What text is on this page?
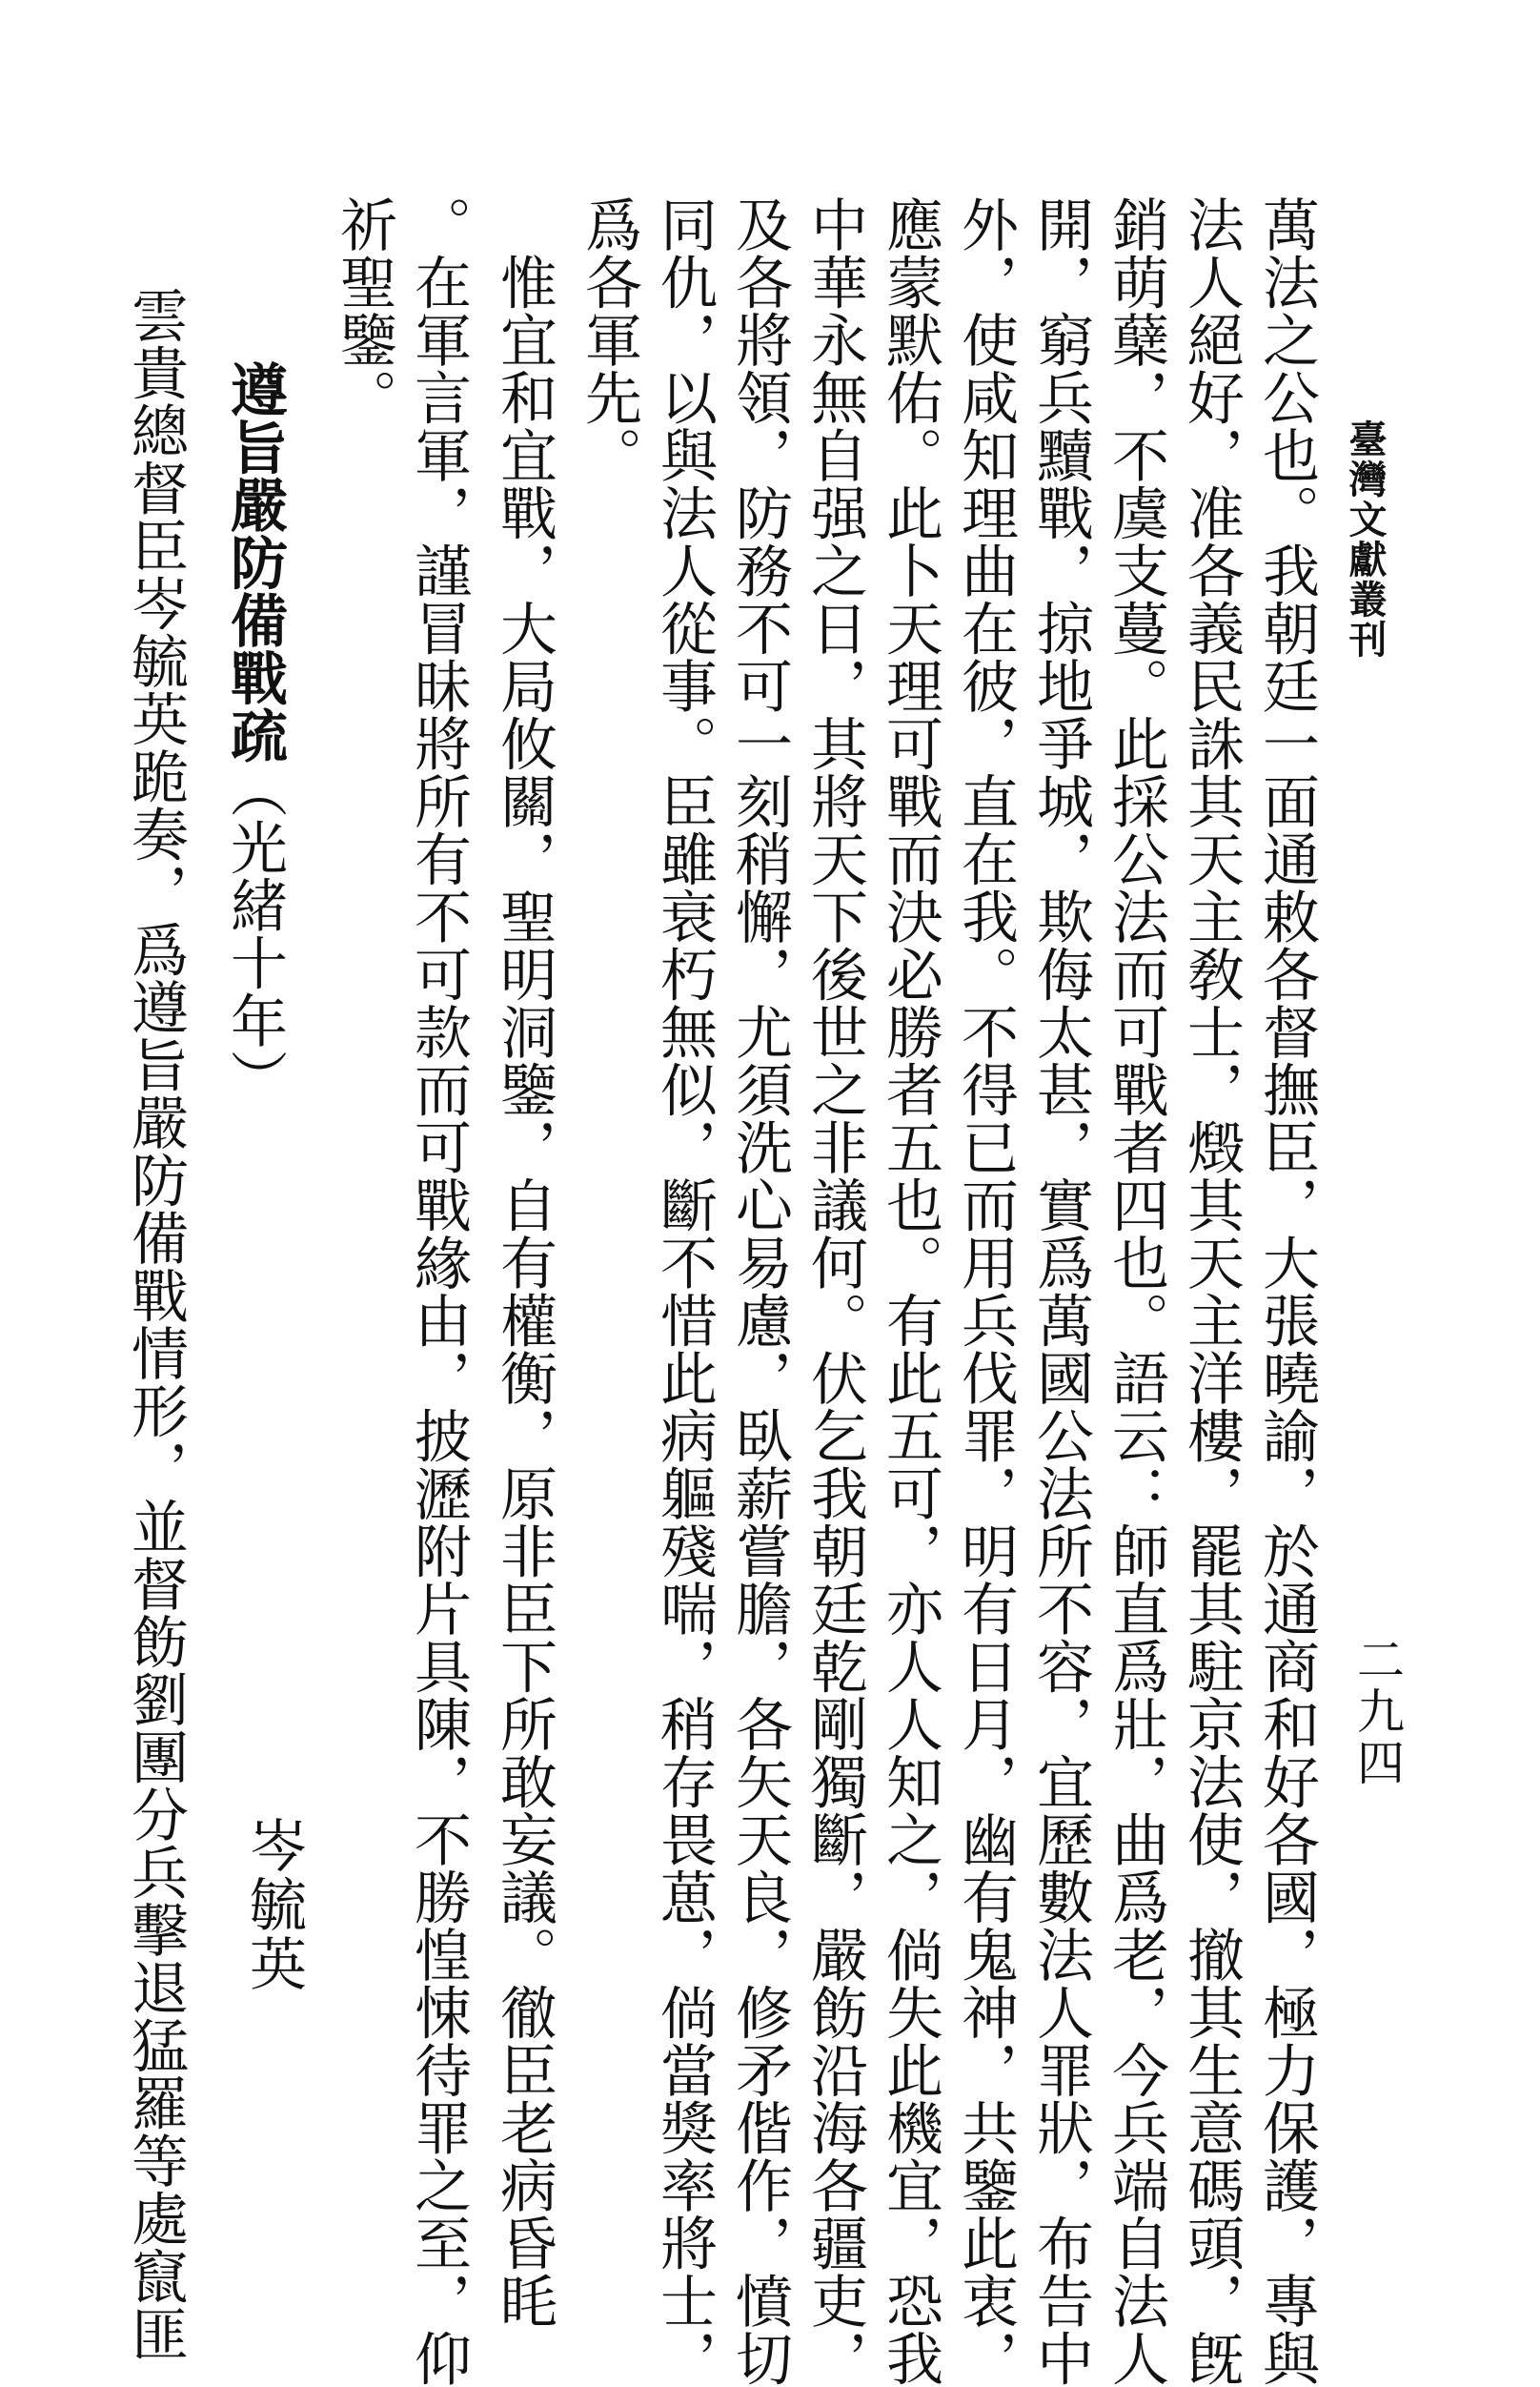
臺灣文獻叢刊
二九四
萬法之公也。我朝廷一面通敕各督撫臣，大張曉諭，於通商和好各國，極力保護，專與
法人絕好，准各義民誅其天主敎士，燬其天主洋樓，罷其駐京法使，撤其生意碼頭，旣
銷萌蘖，不虞支蔓。此採公法而可戰者四也。語云：師直爲壯，曲爲老，今兵端自法人
開，窮兵黷戰，掠地爭城，欺侮太甚，實爲萬國公法所不容，宜歷數法人罪狀，布告中
外，使咸知理曲在彼，直在我。不得已而用兵伐罪，明有日月，幽有鬼神，共鑒此衷，
應蒙默佑。此卜天理可戰而決必勝者五也。有此五可，亦人人知之，倘失此機宜，恐我
中華永無自强之日，其將天下後世之非議何。伏乞我朝廷乾剛獨斷，嚴飭沿海各疆吏，
及各將領，防務不可一刻稍懈，尤須洗心易慮，臥薪嘗膽，各矢天良，修矛偕作，憤切
同仇，以與法人從事。臣雖衰朽無似，斷不惜此病軀殘喘，稍存畏葸，倘當獎率將士，
爲各軍先。
　惟宜和宜戰，大局攸關，聖明洞鑒，自有權衡，原非臣下所敢妄議。徹臣老病昏眊
。在軍言軍，謹冒昧將所有不可款而可戰緣由，披瀝附片具陳，不勝惶悚待罪之至，仰
祈聖鑒。
遵旨嚴防備戰疏
（光緒十年）
岑毓英
雲貴總督臣岑毓英跪奏，爲遵旨嚴防備戰情形，並督飭劉團分兵擊退猛羅等處竄匪
